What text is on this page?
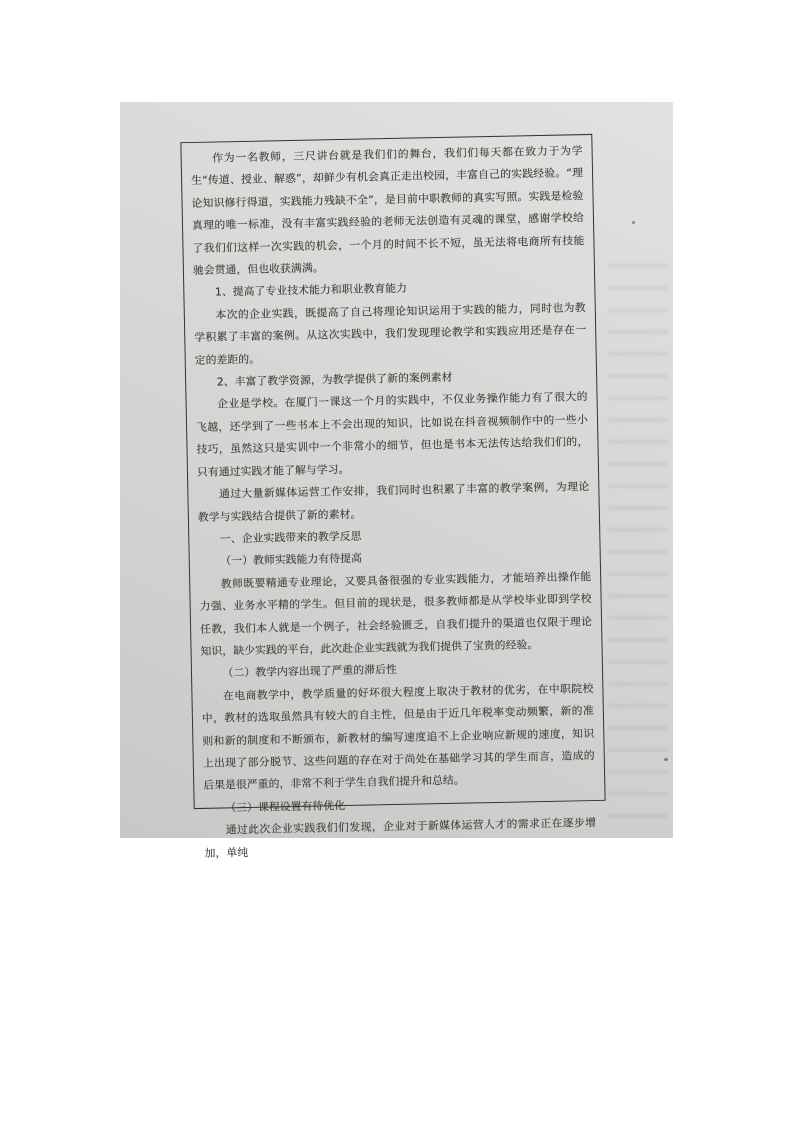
作为一名教师，三尺讲台就是我们们的舞台，我们们每天都在致力于为学生“传道、授业、解惑”，却鲜少有机会真正走出校园，丰富自己的实践经验。“理论知识修行得道，实践能力残缺不全”，是目前中职教师的真实写照。实践是检验真理的唯一标准，没有丰富实践经验的老师无法创造有灵魂的课堂，感谢学校给了我们们这样一次实践的机会，一个月的时间不长不短，虽无法将电商所有技能驰会贯通，但也收获满满。

1、提高了专业技术能力和职业教育能力

本次的企业实践，既提高了自己将理论知识运用于实践的能力，同时也为教学积累了丰富的案例。从这次实践中，我们发现理论教学和实践应用还是存在一定的差距的。

2、丰富了教学资源，为教学提供了新的案例素材

企业是学校。在厦门一课这一个月的实践中，不仅业务操作能力有了很大的飞越，还学到了一些书本上不会出现的知识，比如说在抖音视频制作中的一些小技巧，虽然这只是实训中一个非常小的细节，但也是书本无法传达给我们们的，只有通过实践才能了解与学习。

通过大量新媒体运营工作安排，我们同时也积累了丰富的教学案例，为理论教学与实践结合提供了新的素材。

一、企业实践带来的教学反思

（一）教师实践能力有待提高

教师既要精通专业理论，又要具备很强的专业实践能力，才能培养出操作能力强、业务水平精的学生。但目前的现状是，很多教师都是从学校毕业即到学校任教，我们本人就是一个例子，社会经验匮乏，自我们提升的渠道也仅限于理论知识，缺少实践的平台，此次赴企业实践就为我们提供了宝贵的经验。

（二）教学内容出现了严重的滞后性

在电商教学中，教学质量的好坏很大程度上取决于教材的优劣，在中职院校中，教材的选取虽然具有较大的自主性，但是由于近几年税率变动频繁，新的准则和新的制度和不断颁布，新教材的编写速度追不上企业响应新规的速度，知识上出现了部分脱节、这些问题的存在对于尚处在基础学习其的学生而言，造成的后果是很严重的，非常不利于学生自我们提升和总结。

（三）课程设置有待优化

通过此次企业实践我们们发现，企业对于新媒体运营人才的需求正在逐步增加，单纯
